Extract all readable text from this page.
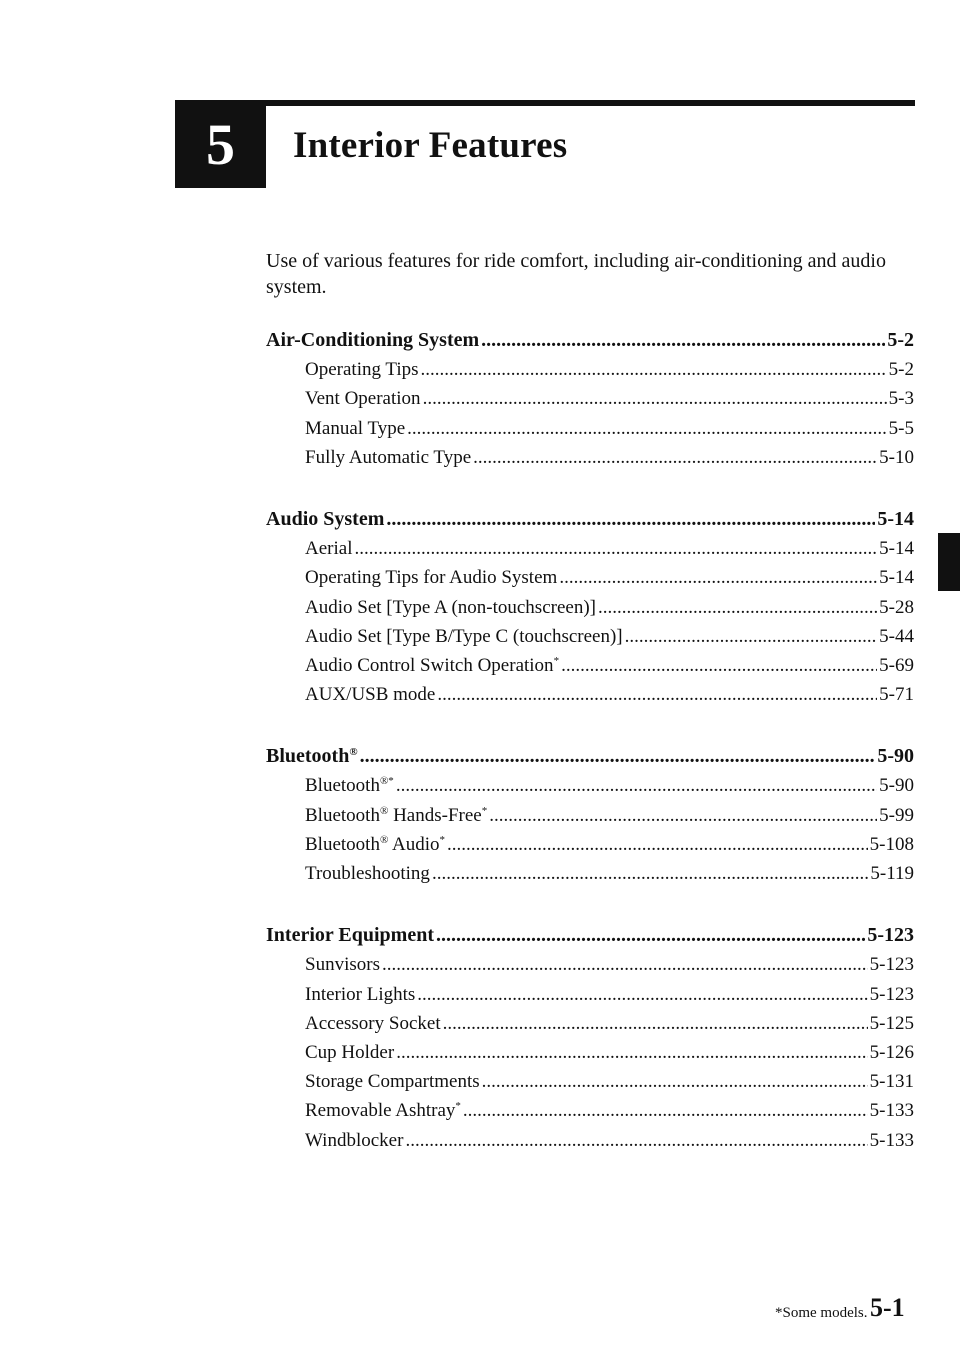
5 Interior Features
Use of various features for ride comfort, including air-conditioning and audio system.
Air-Conditioning System .....	5-2
Operating Tips .....	5-2
Vent Operation .....	5-3
Manual Type .....	5-5
Fully Automatic Type .....	5-10
Audio System .....	5-14
Aerial .....	5-14
Operating Tips for Audio System .....	5-14
Audio Set [Type A (non-touchscreen)] .....	5-28
Audio Set [Type B/Type C (touchscreen)] .....	5-44
Audio Control Switch Operation* .....	5-69
AUX/USB mode .....	5-71
Bluetooth® .....	5-90
Bluetooth®* .....	5-90
Bluetooth® Hands-Free* .....	5-99
Bluetooth® Audio* .....	5-108
Troubleshooting .....	5-119
Interior Equipment .....	5-123
Sunvisors .....	5-123
Interior Lights .....	5-123
Accessory Socket .....	5-125
Cup Holder .....	5-126
Storage Compartments .....	5-131
Removable Ashtray* .....	5-133
Windblocker .....	5-133
*Some models. 5-1
